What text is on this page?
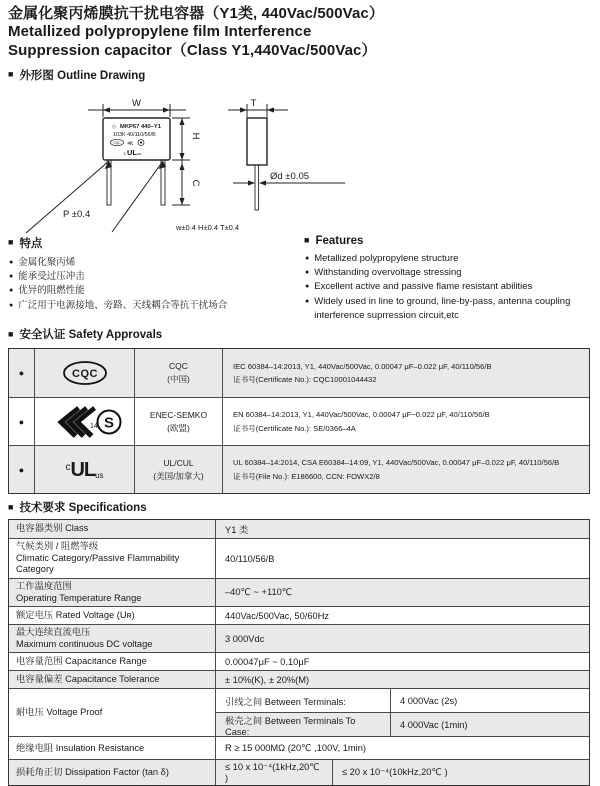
金属化聚丙烯膜抗干扰电容器（Y1类, 440Vac/500Vac）
Metallized polypropylene film Interference
Suppression capacitor（Class Y1,440Vac/500Vac）
■ 外形图 Outline Drawing
◇ MKP67 440–Y1
103K 40/110/56/B
CQC ≪
c UL us
W
H
C
P ±0.4
T
Ød ±0.05
w±0.4 H±0.4 T±0.4
■ 特点
● 金属化聚丙烯
● 能承受过压冲击
● 优异的阻燃性能
● 广泛用于电源接地、旁路、天线耦合等抗干扰场合
■ Features
● Metallized polypropylene structure
● Withstanding overvoltage stressing
● Excellent active and passive flame resistant abilities
● Widely used in line to ground, line-by-pass, antenna coupling interference suprression circuit,etc
■ 安全认证 Safety Approvals
●	CQC
CQC
(中国)
IEC 60384–14:2013, Y1, 440Vac/500Vac, 0.00047 μF–0.022 μF, 40/110/56/B
证书号(Certificate No.): CQC10001044432
●	14 S	ENEC-SEMKO
(欧盟)
EN 60384–14:2013, Y1, 440Vac/500Vac, 0.00047 μF~0.022 μF, 40/110/56/B
证书号(Certificate No.): SE/0366–4A
●	c UL us
UL/CUL
(美国/加拿大)
UL 60384–14:2014, CSA E60384–14:09, Y1, 440Vac/500Vac, 0.00047 μF–0.022 μF, 40/110/56/B
证书号(File No.): E186600, CCN: FOWX2/8
■ 技术要求 Specifications
电容器类别 Class	Y1 类
气候类别 / 阻燃等级
Climatic Category/Passive Flammability Category
40/110/56/B
工作温度范围
Operating Temperature Range
–40℃ ~ +110℃
额定电压 Rated Voltage (Uʀ)	440Vac/500Vac, 50/60Hz
最大连续直流电压
Maximum continuous DC voltage	3 000Vdc
电容量范围 Capacitance Range	0.00047μF ~ 0.10μF
电容量偏差 Capacitance Tolerance	± 10%(K), ± 20%(M)
耐电压 Voltage Proof
引线之间 Between Terminals:	4 000Vac (2s)
极壳之间 Between Terminals To Case:
4 000Vac (1min)
绝缘电阻 Insulation Resistance	R ≥ 15 000MΩ (20℃ ,100V, 1min)
损耗角正切 Dissipation Factor (tan δ)	≤ 10 x 10⁻⁴(1kHz,20℃ )
≤ 20 x 10⁻⁴(10kHz,20℃ )
